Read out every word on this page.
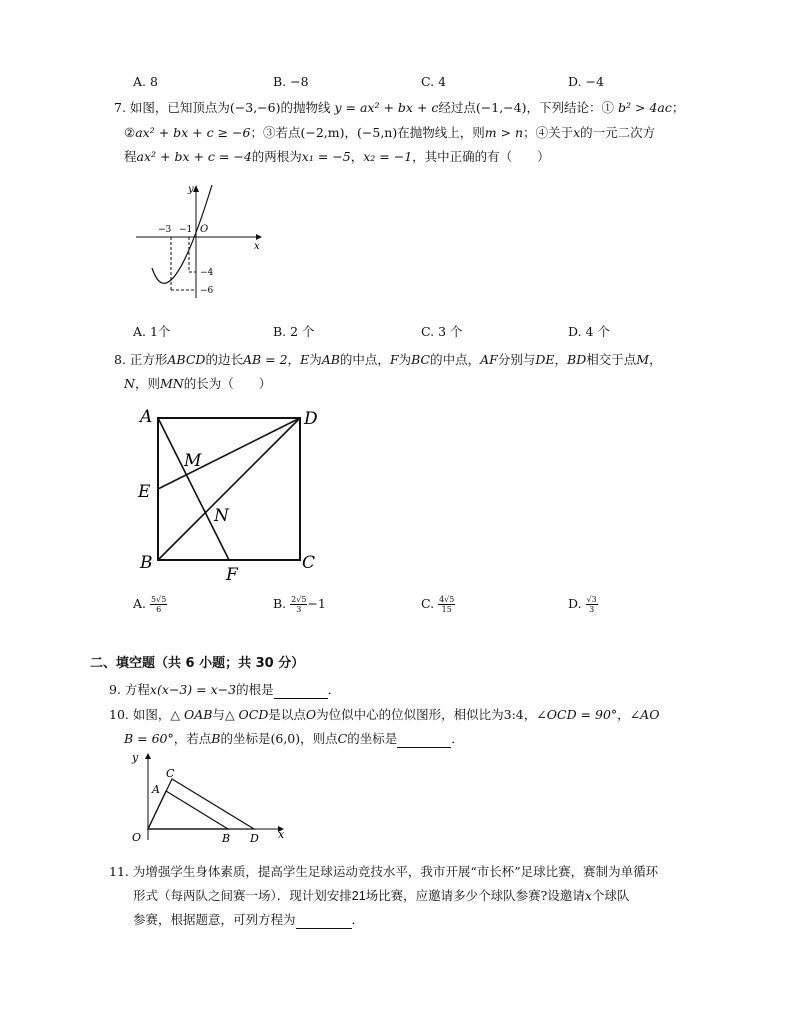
A. 8	B. −8	C. 4	D. −4
7. 如图，已知顶点为(−3,−6)的抛物线 y = ax² + bx + c经过点(−1,−4)，下列结论：① b² > 4ac；
②ax² + bx + c ≥ −6；③若点(−2,m)，(−5,n)在抛物线上，则m > n；④关于x的一元二次方
程ax² + bx + c = −4的两根为x₁ = −5，x₂ = −1，其中正确的有（　　）
y
x
O
−3 −1
−4
−6
A. 1个	B. 2 个	C. 3 个	D. 4 个
8. 正方形ABCD的边长AB = 2，E为AB的中点，F为BC的中点，AF分别与DE，BD相交于点M，
N，则MN的长为（　　）
A	D
E
M
N
B	C
F
A. $\frac{5√5}{6}$	B. $\frac{2√5}{3} -1$	C. $\frac{4√5}{15}$	D. $\frac{√3}{3}$
二、填空题（共 6 小题；共 30 分）
9. 方程x(x−3) = x−3的根是	．
10. 如图，△ OAB与△ OCD是以点O为位似中心的位似图形，相似比为3:4，∠OCD = 90°，∠AO
B = 60°，若点B的坐标是(6,0)，则点C的坐标是	．
y
x
O
A
C
B D
11. 为增强学生身体素质，提高学生足球运动竞技水平，我市开展“市长杯”足球比赛，赛制为单循环
形式（每两队之间赛一场）．现计划安排21场比赛，应邀请多少个球队参赛?设邀请x个球队
参赛，根据题意，可列方程为	．
